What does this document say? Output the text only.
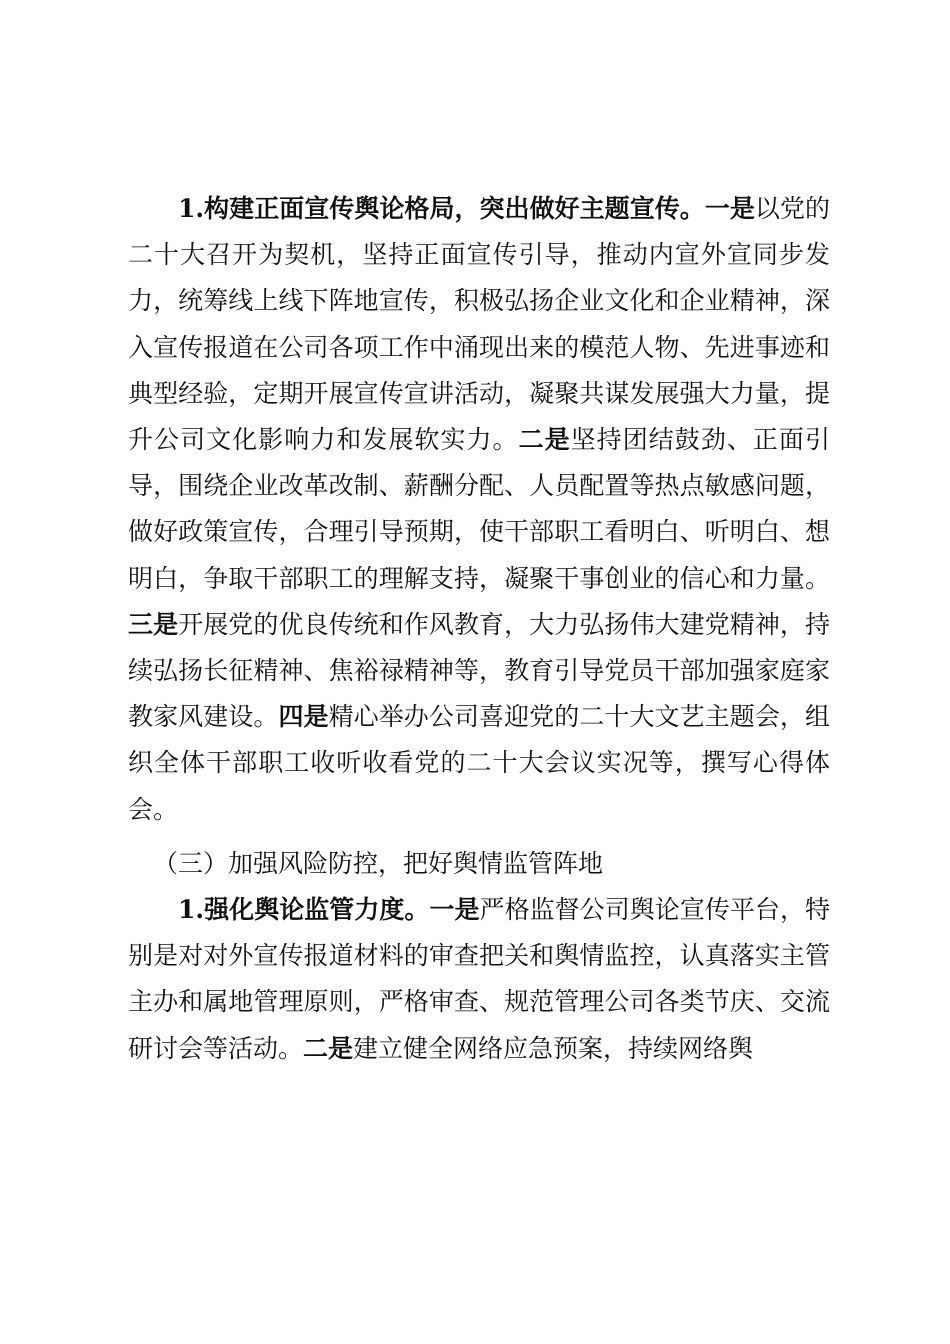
1.构建正面宣传舆论格局，突出做好主题宣传。一是以党的二十大召开为契机，坚持正面宣传引导，推动内宣外宣同步发力，统筹线上线下阵地宣传，积极弘扬企业文化和企业精神，深入宣传报道在公司各项工作中涌现出来的模范人物、先进事迹和典型经验，定期开展宣传宣讲活动，凝聚共谋发展强大力量，提升公司文化影响力和发展软实力。二是坚持团结鼓劲、正面引导，围绕企业改革改制、薪酬分配、人员配置等热点敏感问题，做好政策宣传，合理引导预期，使干部职工看明白、听明白、想明白，争取干部职工的理解支持，凝聚干事创业的信心和力量。三是开展党的优良传统和作风教育，大力弘扬伟大建党精神，持续弘扬长征精神、焦裕禄精神等，教育引导党员干部加强家庭家教家风建设。四是精心举办公司喜迎党的二十大文艺主题会，组织全体干部职工收听收看党的二十大会议实况等，撰写心得体会。

（三）加强风险防控，把好舆情监管阵地

1.强化舆论监管力度。一是严格监督公司舆论宣传平台，特别是对对外宣传报道材料的审查把关和舆情监控，认真落实主管主办和属地管理原则，严格审查、规范管理公司各类节庆、交流研讨会等活动。二是建立健全网络应急预案，持续网络舆
